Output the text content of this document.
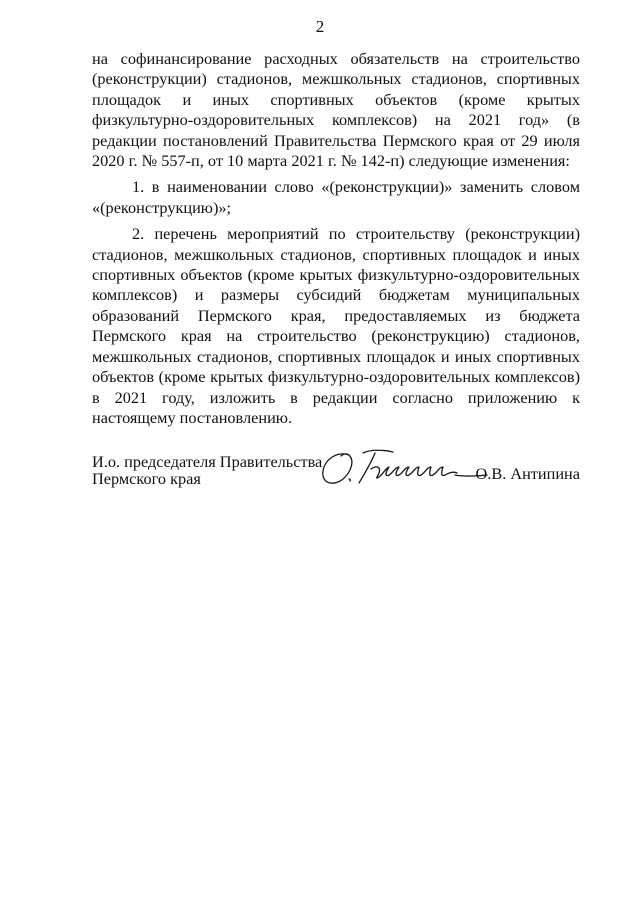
2

на софинансирование расходных обязательств на строительство (реконструкции) стадионов, межшкольных стадионов, спортивных площадок и иных спортивных объектов (кроме крытых физкультурно-оздоровительных комплексов) на 2021 год» (в редакции постановлений Правительства Пермского края от 29 июля 2020 г. № 557-п, от 10 марта 2021 г. № 142-п) следующие изменения:

1. в наименовании слово «(реконструкции)» заменить словом «(реконструкцию)»;

2. перечень мероприятий по строительству (реконструкции) стадионов, межшкольных стадионов, спортивных площадок и иных спортивных объектов (кроме крытых физкультурно-оздоровительных комплексов) и размеры субсидий бюджетам муниципальных образований Пермского края, предоставляемых из бюджета Пермского края на строительство (реконструкцию) стадионов, межшкольных стадионов, спортивных площадок и иных спортивных объектов (кроме крытых физкультурно-оздоровительных комплексов) в 2021 году, изложить в редакции согласно приложению к настоящему постановлению.

И.о. председателя Правительства
Пермского края	О.В. Антипина
